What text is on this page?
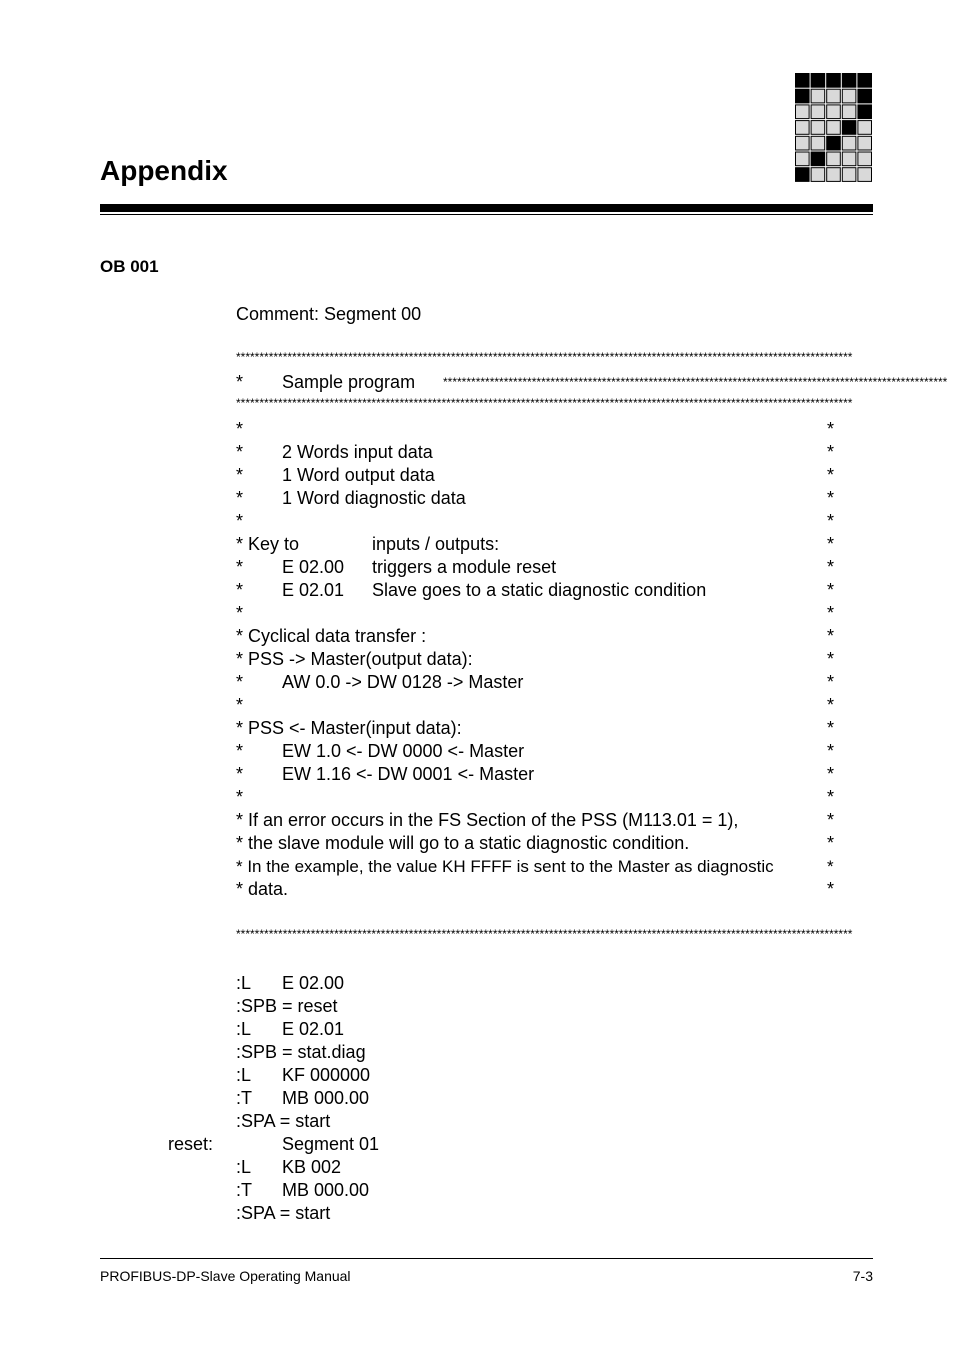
Appendix
OB 001
Comment: Segment 00
************************************************************************************************************************************
* Sample program ************************************************************************************************************
************************************************************************************************************************************
*	*
* 2 Words input data	*
* 1 Word output data	*
* 1 Word diagnostic data	*
*	*
* Key to	inputs / outputs:	*
* E 02.00 triggers a module reset	*
* E 02.01 Slave goes to a static diagnostic condition	*
*	*
* Cyclical data transfer :	*
* PSS -> Master(output data):	*
* AW 0.0 -> DW 0128 -> Master	*
*	*
* PSS <- Master(input data):	*
* EW 1.0 <- DW 0000 <- Master	*
* EW 1.16 <- DW 0001 <- Master	*
*	*
* If an error occurs in the FS Section of the PSS (M113.01 = 1),	*
* the slave module will go to a static diagnostic condition.	*
* In the example, the value KH FFFF is sent to the Master as diagnostic	*
* data.	*
************************************************************************************************************************************
:L E 02.00
:SPB = reset
:L E 02.01
:SPB = stat.diag
:L KF 000000
:T MB 000.00
:SPA = start
reset:	Segment 01
:L KB 002
:T MB 000.00
:SPA = start
PROFIBUS-DP-Slave Operating Manual	7-3
